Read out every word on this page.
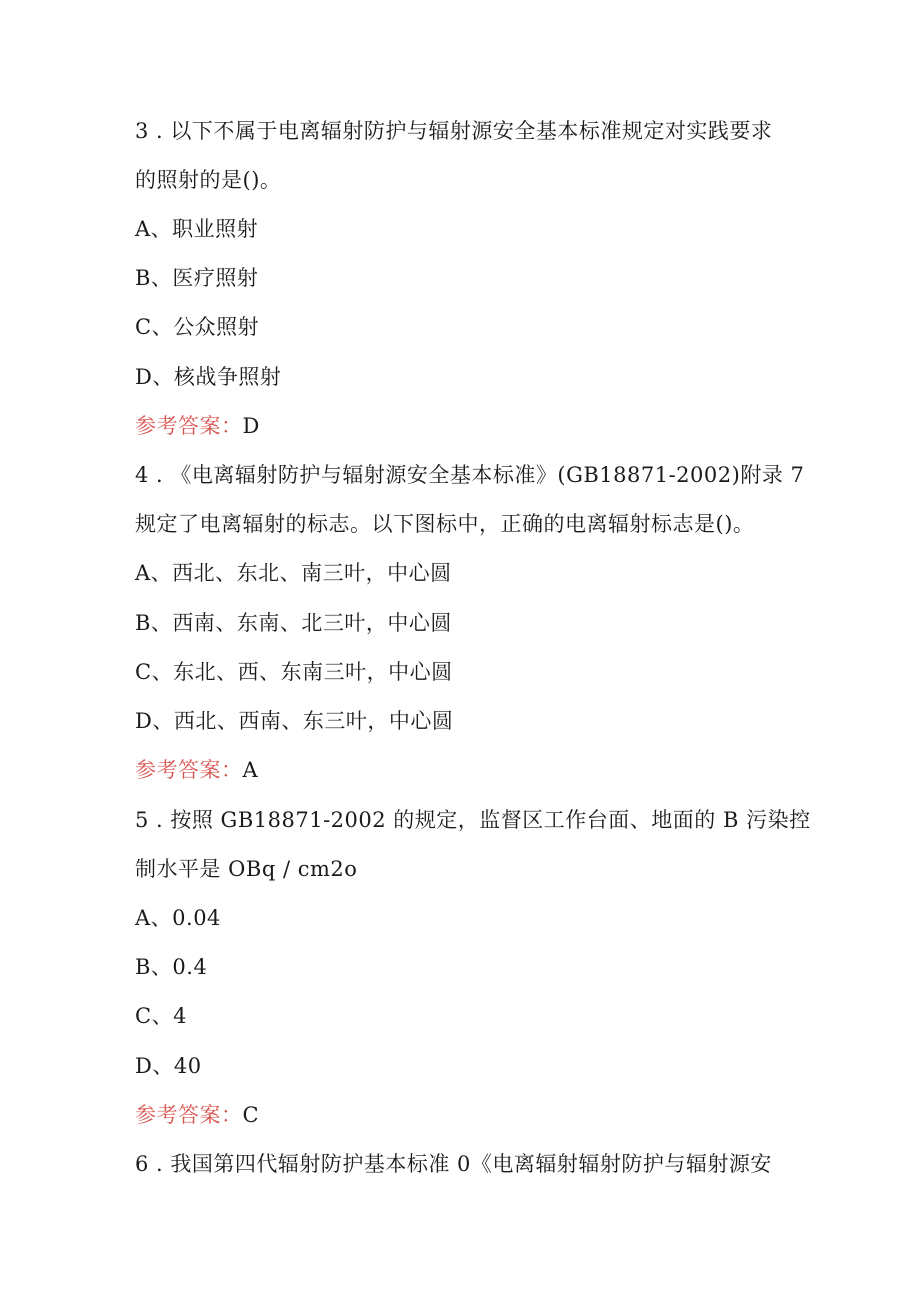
3 . 以下不属于电离辐射防护与辐射源安全基本标准规定对实践要求
的照射的是()。
A、职业照射
B、医疗照射
C、公众照射
D、核战争照射
参考答案：D
4 . 《电离辐射防护与辐射源安全基本标准》(GB18871-2002)附录 7
规定了电离辐射的标志。以下图标中，正确的电离辐射标志是()。
A、西北、东北、南三叶，中心圆
B、西南、东南、北三叶，中心圆
C、东北、西、东南三叶，中心圆
D、西北、西南、东三叶，中心圆
参考答案：A
5 . 按照 GB18871-2002 的规定，监督区工作台面、地面的 B 污染控
制水平是 OBq / cm2o
A、0.04
B、0.4
C、4
D、40
参考答案：C
6 . 我国第四代辐射防护基本标准 0《电离辐射辐射防护与辐射源安
